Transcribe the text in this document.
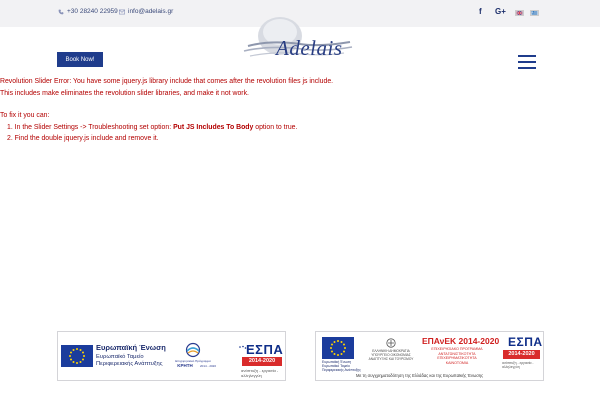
+30 28240 22959 info@adelais.gr	f G+
Book Now!	Adelais
Revolution Slider Error: You have some jquery.js library include that comes after the revolution files js include.
This includes make eliminates the revolution slider libraries, and make it not work.
To fix it you can:
1. In the Slider Settings -> Troubleshooting set option: Put JS Includes To Body option to true.
2. Find the double jquery.js include and remove it.
Ευρωπαϊκή Ένωση
Ευρωπαϊκό Ταμείο
Περιφερειακής Ανάπτυξης	Επιχειρησιακό Πρόγραμμα
ΚΡΗΤΗ	2014 - 2020
ΕΣΠΑ
2014-2020
ανάπτυξη - εργασία - αλληλεγγύη
Ευρωπαϊκή Ένωση
Ευρωπαϊκό Ταμείο
Περιφερειακής Ανάπτυξης
ΕΛΛΗΝΙΚΗ ΔΗΜΟΚΡΑΤΙΑ
ΥΠΟΥΡΓΕΙΟ ΟΙΚΟΝΟΜΙΑΣ
ΑΝΑΠΤΥΞΗΣ ΚΑΙ ΤΟΥΡΙΣΜΟΥ
ΕΠΑνΕΚ 2014-2020
ΕΠΙΧΕΙΡΗΣΙΑΚΟ ΠΡΟΓΡΑΜΜΑ
ΑΝΤΑΓΩΝΙΣΤΙΚΟΤΗΤΑ
ΕΠΙΧΕΙΡΗΜΑΤΙΚΟΤΗΤΑ
ΚΑΙΝΟΤΟΜΙΑ
ΕΣΠΑ
2014-2020
ανάπτυξη - εργασία - αλληλεγγύη
Με τη συγχρηματοδότηση της Ελλάδας και της Ευρωπαϊκής Ένωσης
